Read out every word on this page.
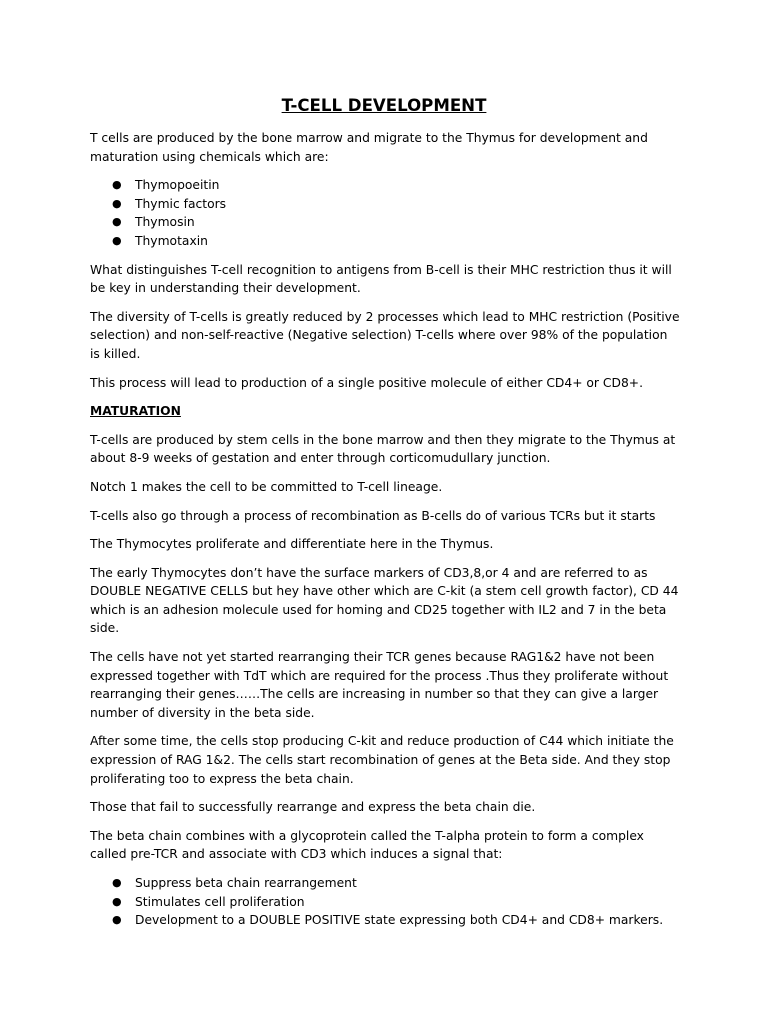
T-CELL DEVELOPMENT

T cells are produced by the bone marrow and migrate to the Thymus for development and maturation using chemicals which are:

● Thymopoeitin
● Thymic factors
● Thymosin
● Thymotaxin

What distinguishes T-cell recognition to antigens from B-cell is their MHC restriction thus it will be key in understanding their development.

The diversity of T-cells is greatly reduced by 2 processes which lead to MHC restriction (Positive selection) and non-self-reactive (Negative selection) T-cells where over 98% of the population is killed.

This process will lead to production of a single positive molecule of either CD4+ or CD8+.

MATURATION

T-cells are produced by stem cells in the bone marrow and then they migrate to the Thymus at about 8-9 weeks of gestation and enter through corticomudullary junction.

Notch 1 makes the cell to be committed to T-cell lineage.

T-cells also go through a process of recombination as B-cells do of various TCRs but it starts

The Thymocytes proliferate and differentiate here in the Thymus.

The early Thymocytes don’t have the surface markers of CD3,8,or 4 and are referred to as DOUBLE NEGATIVE CELLS but hey have other which are C-kit (a stem cell growth factor), CD 44 which is an adhesion molecule used for homing and CD25 together with IL2 and 7 in the beta side.

The cells have not yet started rearranging their TCR genes because RAG1&2 have not been expressed together with TdT which are required for the process .Thus they proliferate without rearranging their genes……The cells are increasing in number so that they can give a larger number of diversity in the beta side.

After some time, the cells stop producing C-kit and reduce production of C44 which initiate the expression of RAG 1&2. The cells start recombination of genes at the Beta side. And they stop proliferating too to express the beta chain.

Those that fail to successfully rearrange and express the beta chain die.

The beta chain combines with a glycoprotein called the T-alpha protein to form a complex called pre-TCR and associate with CD3 which induces a signal that:

● Suppress beta chain rearrangement
● Stimulates cell proliferation
● Development to a DOUBLE POSITIVE state expressing both CD4+ and CD8+ markers.
